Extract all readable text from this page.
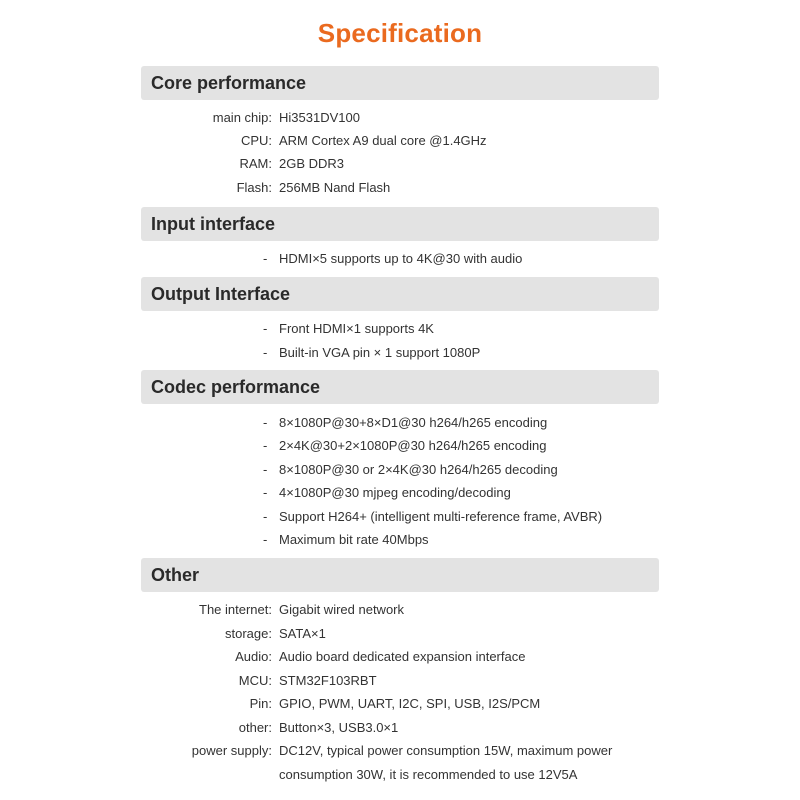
Specification
Core performance
main chip: Hi3531DV100
CPU: ARM Cortex A9 dual core @1.4GHz
RAM: 2GB DDR3
Flash: 256MB Nand Flash
Input interface
- HDMI×5 supports up to 4K@30 with audio
Output Interface
- Front HDMI×1 supports 4K
- Built-in VGA pin × 1 support 1080P
Codec performance
- 8×1080P@30+8×D1@30 h264/h265 encoding
- 2×4K@30+2×1080P@30 h264/h265 encoding
- 8×1080P@30 or 2×4K@30 h264/h265 decoding
- 4×1080P@30 mjpeg encoding/decoding
- Support H264+ (intelligent multi-reference frame, AVBR)
- Maximum bit rate 40Mbps
Other
The internet: Gigabit wired network
storage: SATA×1
Audio: Audio board dedicated expansion interface
MCU: STM32F103RBT
Pin: GPIO, PWM, UART, I2C, SPI, USB, I2S/PCM
other: Button×3, USB3.0×1
power supply: DC12V, typical power consumption 15W, maximum power
consumption 30W, it is recommended to use 12V5A
